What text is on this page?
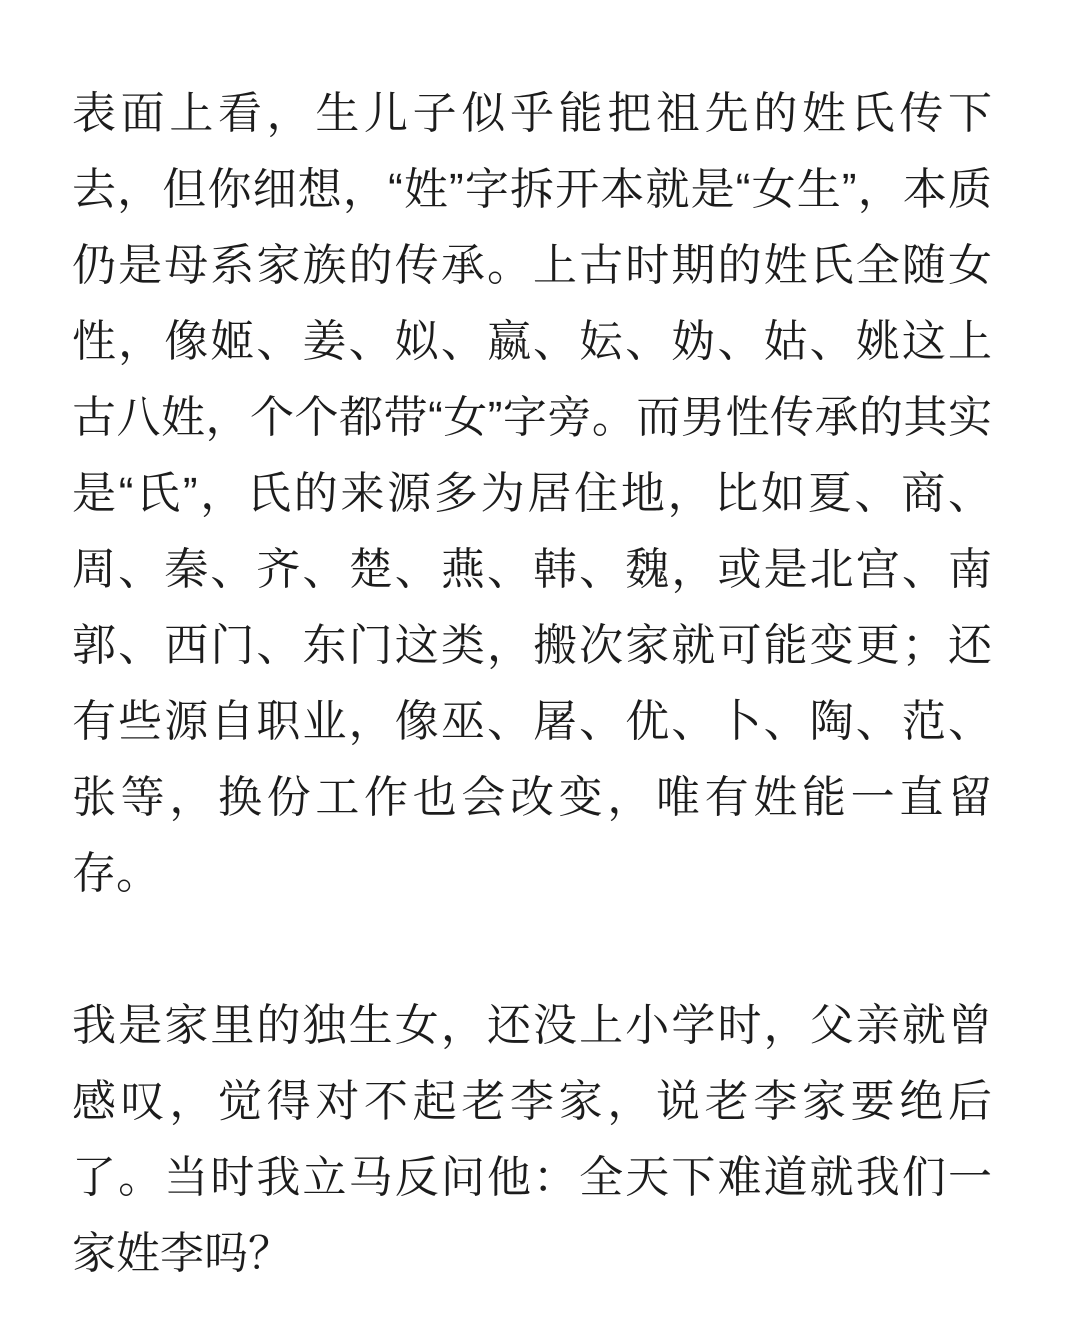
表面上看，生儿子似乎能把祖先的姓氏传下去，但你细想，“姓”字拆开本就是“女生”，本质仍是母系家族的传承。上古时期的姓氏全随女性，像姬、姜、姒、嬴、妘、妫、姑、姚这上古八姓，个个都带“女”字旁。而男性传承的其实是“氏”，氏的来源多为居住地，比如夏、商、周、秦、齐、楚、燕、韩、魏，或是北宫、南郭、西门、东门这类，搬次家就可能变更；还有些源自职业，像巫、屠、优、卜、陶、范、张等，换份工作也会改变，唯有姓能一直留存。

我是家里的独生女，还没上小学时，父亲就曾感叹，觉得对不起老李家，说老李家要绝后了。当时我立马反问他：全天下难道就我们一家姓李吗？
